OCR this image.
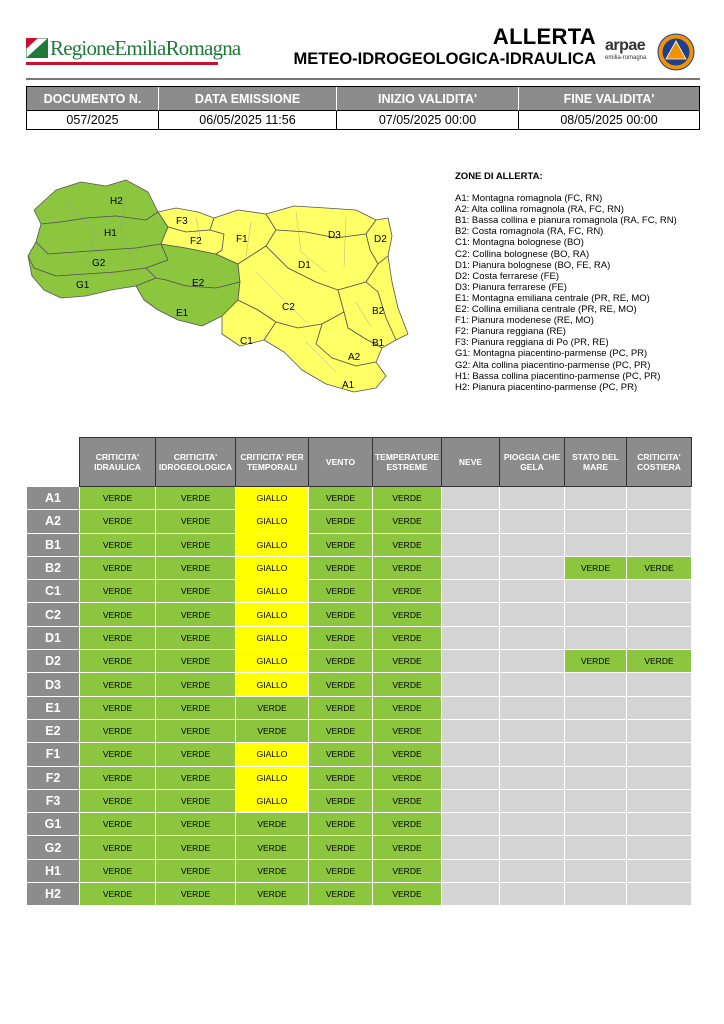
RegioneEmiliaRomagna	ALLERTA
METEO-IDROGEOLOGICA-IDRAULICA
arpae
emilia-romagna
DOCUMENTO N.	DATA EMISSIONE	INIZIO VALIDITA'	FINE VALIDITA'
057/2025	06/05/2025 11:56	07/05/2025 00:00	08/05/2025 00:00
H2
H1
G2
G1	E2
E1
F3
F2	F1
C1
C2
D3	D2
D1
B2
B1
A2
A1
ZONE DI ALLERTA:
A1: Montagna romagnola (FC, RN)
A2: Alta collina romagnola (RA, FC, RN)
B1: Bassa collina e pianura romagnola (RA, FC, RN)
B2: Costa romagnola (RA, FC, RN)
C1: Montagna bolognese (BO)
C2: Collina bolognese (BO, RA)
D1: Pianura bolognese (BO, FE, RA)
D2: Costa ferrarese (FE)
D3: Pianura ferrarese (FE)
E1: Montagna emiliana centrale (PR, RE, MO)
E2: Collina emiliana centrale (PR, RE, MO)
F1: Pianura modenese (RE, MO)
F2: Pianura reggiana (RE)
F3: Pianura reggiana di Po (PR, RE)
G1: Montagna piacentino-parmense (PC, PR)
G2: Alta collina piacentino-parmense (PC, PR)
H1: Bassa collina piacentino-parmense (PC, PR)
H2: Pianura piacentino-parmense (PC, PR)
	CRITICITA' IDRAULICA	CRITICITA' IDROGEOLOGICA	CRITICITA' PER TEMPORALI	VENTO	TEMPERATURE ESTREME	NEVE	PIOGGIA CHE GELA	STATO DEL MARE	CRITICITA' COSTIERA
A1	VERDE	VERDE	GIALLO	VERDE	VERDE				
A2	VERDE	VERDE	GIALLO	VERDE	VERDE				
B1	VERDE	VERDE	GIALLO	VERDE	VERDE				
B2	VERDE	VERDE	GIALLO	VERDE	VERDE			VERDE	VERDE
C1	VERDE	VERDE	GIALLO	VERDE	VERDE				
C2	VERDE	VERDE	GIALLO	VERDE	VERDE				
D1	VERDE	VERDE	GIALLO	VERDE	VERDE				
D2	VERDE	VERDE	GIALLO	VERDE	VERDE			VERDE	VERDE
D3	VERDE	VERDE	GIALLO	VERDE	VERDE				
E1	VERDE	VERDE	VERDE	VERDE	VERDE				
E2	VERDE	VERDE	VERDE	VERDE	VERDE				
F1	VERDE	VERDE	GIALLO	VERDE	VERDE				
F2	VERDE	VERDE	GIALLO	VERDE	VERDE				
F3	VERDE	VERDE	GIALLO	VERDE	VERDE				
G1	VERDE	VERDE	VERDE	VERDE	VERDE				
G2	VERDE	VERDE	VERDE	VERDE	VERDE				
H1	VERDE	VERDE	VERDE	VERDE	VERDE				
H2	VERDE	VERDE	VERDE	VERDE	VERDE				
